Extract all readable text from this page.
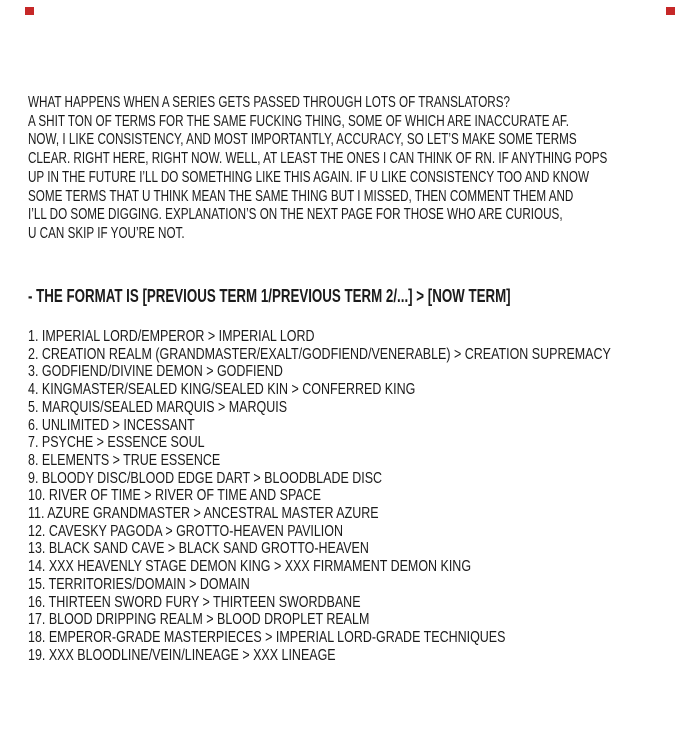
WHAT HAPPENS WHEN A SERIES GETS PASSED THROUGH LOTS OF TRANSLATORS?
A SHIT TON OF TERMS FOR THE SAME FUCKING THING, SOME OF WHICH ARE INACCURATE AF.
NOW, I LIKE CONSISTENCY, AND MOST IMPORTANTLY, ACCURACY, SO LET’S MAKE SOME TERMS
CLEAR. RIGHT HERE, RIGHT NOW. WELL, AT LEAST THE ONES I CAN THINK OF RN. IF ANYTHING POPS
UP IN THE FUTURE I’LL DO SOMETHING LIKE THIS AGAIN. IF U LIKE CONSISTENCY TOO AND KNOW
SOME TERMS THAT U THINK MEAN THE SAME THING BUT I MISSED, THEN COMMENT THEM AND
I’LL DO SOME DIGGING. EXPLANATION’S ON THE NEXT PAGE FOR THOSE WHO ARE CURIOUS,
U CAN SKIP IF YOU’RE NOT.
- THE FORMAT IS [PREVIOUS TERM 1/PREVIOUS TERM 2/...] > [NOW TERM]
1. IMPERIAL LORD/EMPEROR > IMPERIAL LORD
2. CREATION REALM (GRANDMASTER/EXALT/GODFIEND/VENERABLE) > CREATION SUPREMACY
3. GODFIEND/DIVINE DEMON > GODFIEND
4. KINGMASTER/SEALED KING/SEALED KIN > CONFERRED KING
5. MARQUIS/SEALED MARQUIS > MARQUIS
6. UNLIMITED > INCESSANT
7. PSYCHE > ESSENCE SOUL
8. ELEMENTS > TRUE ESSENCE
9. BLOODY DISC/BLOOD EDGE DART > BLOODBLADE DISC
10. RIVER OF TIME > RIVER OF TIME AND SPACE
11. AZURE GRANDMASTER > ANCESTRAL MASTER AZURE
12. CAVESKY PAGODA > GROTTO-HEAVEN PAVILION
13. BLACK SAND CAVE > BLACK SAND GROTTO-HEAVEN
14. XXX HEAVENLY STAGE DEMON KING > XXX FIRMAMENT DEMON KING
15. TERRITORIES/DOMAIN > DOMAIN
16. THIRTEEN SWORD FURY > THIRTEEN SWORDBANE
17. BLOOD DRIPPING REALM > BLOOD DROPLET REALM
18. EMPEROR-GRADE MASTERPIECES > IMPERIAL LORD-GRADE TECHNIQUES
19. XXX BLOODLINE/VEIN/LINEAGE > XXX LINEAGE
